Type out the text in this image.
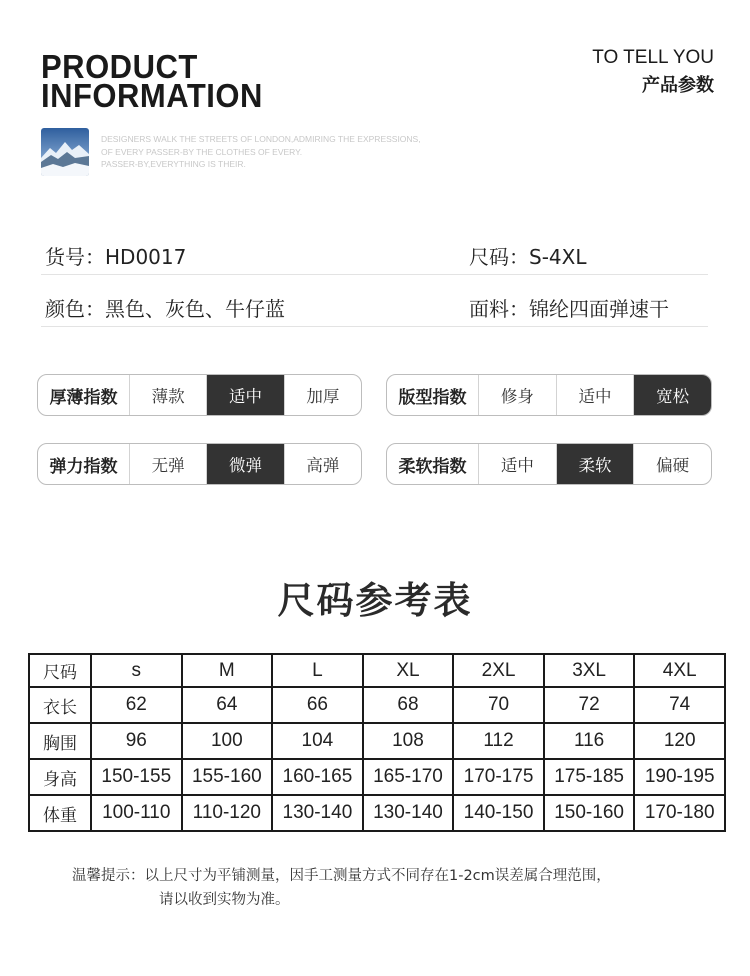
PRODUCT
INFORMATION
TO TELL YOU
产品参数
DESIGNERS WALK THE STREETS OF LONDON,ADMIRING THE EXPRESSIONS,
OF EVERY PASSER-BY THE CLOTHES OF EVERY.
PASSER-BY,EVERYTHING IS THEIR.
货号：HD0017	尺码：S-4XL
颜色：黑色、灰色、牛仔蓝	面料：锦纶四面弹速干
厚薄指数	薄款	适中	加厚	版型指数	修身	适中	宽松
弹力指数	无弹	微弹	高弹	柔软指数	适中	柔软	偏硬
尺码参考表
尺码	s	M	L	XL	2XL	3XL	4XL
衣长	62	64	66	68	70	72	74
胸围	96	100	104	108	112	116	120
身高	150-155	155-160	160-165	165-170	170-175	175-185	190-195
体重	100-110	110-120	130-140	130-140	140-150	150-160	170-180
温馨提示：以上尺寸为平铺测量，因手工测量方式不同存在1-2cm误差属合理范围，
请以收到实物为准。
